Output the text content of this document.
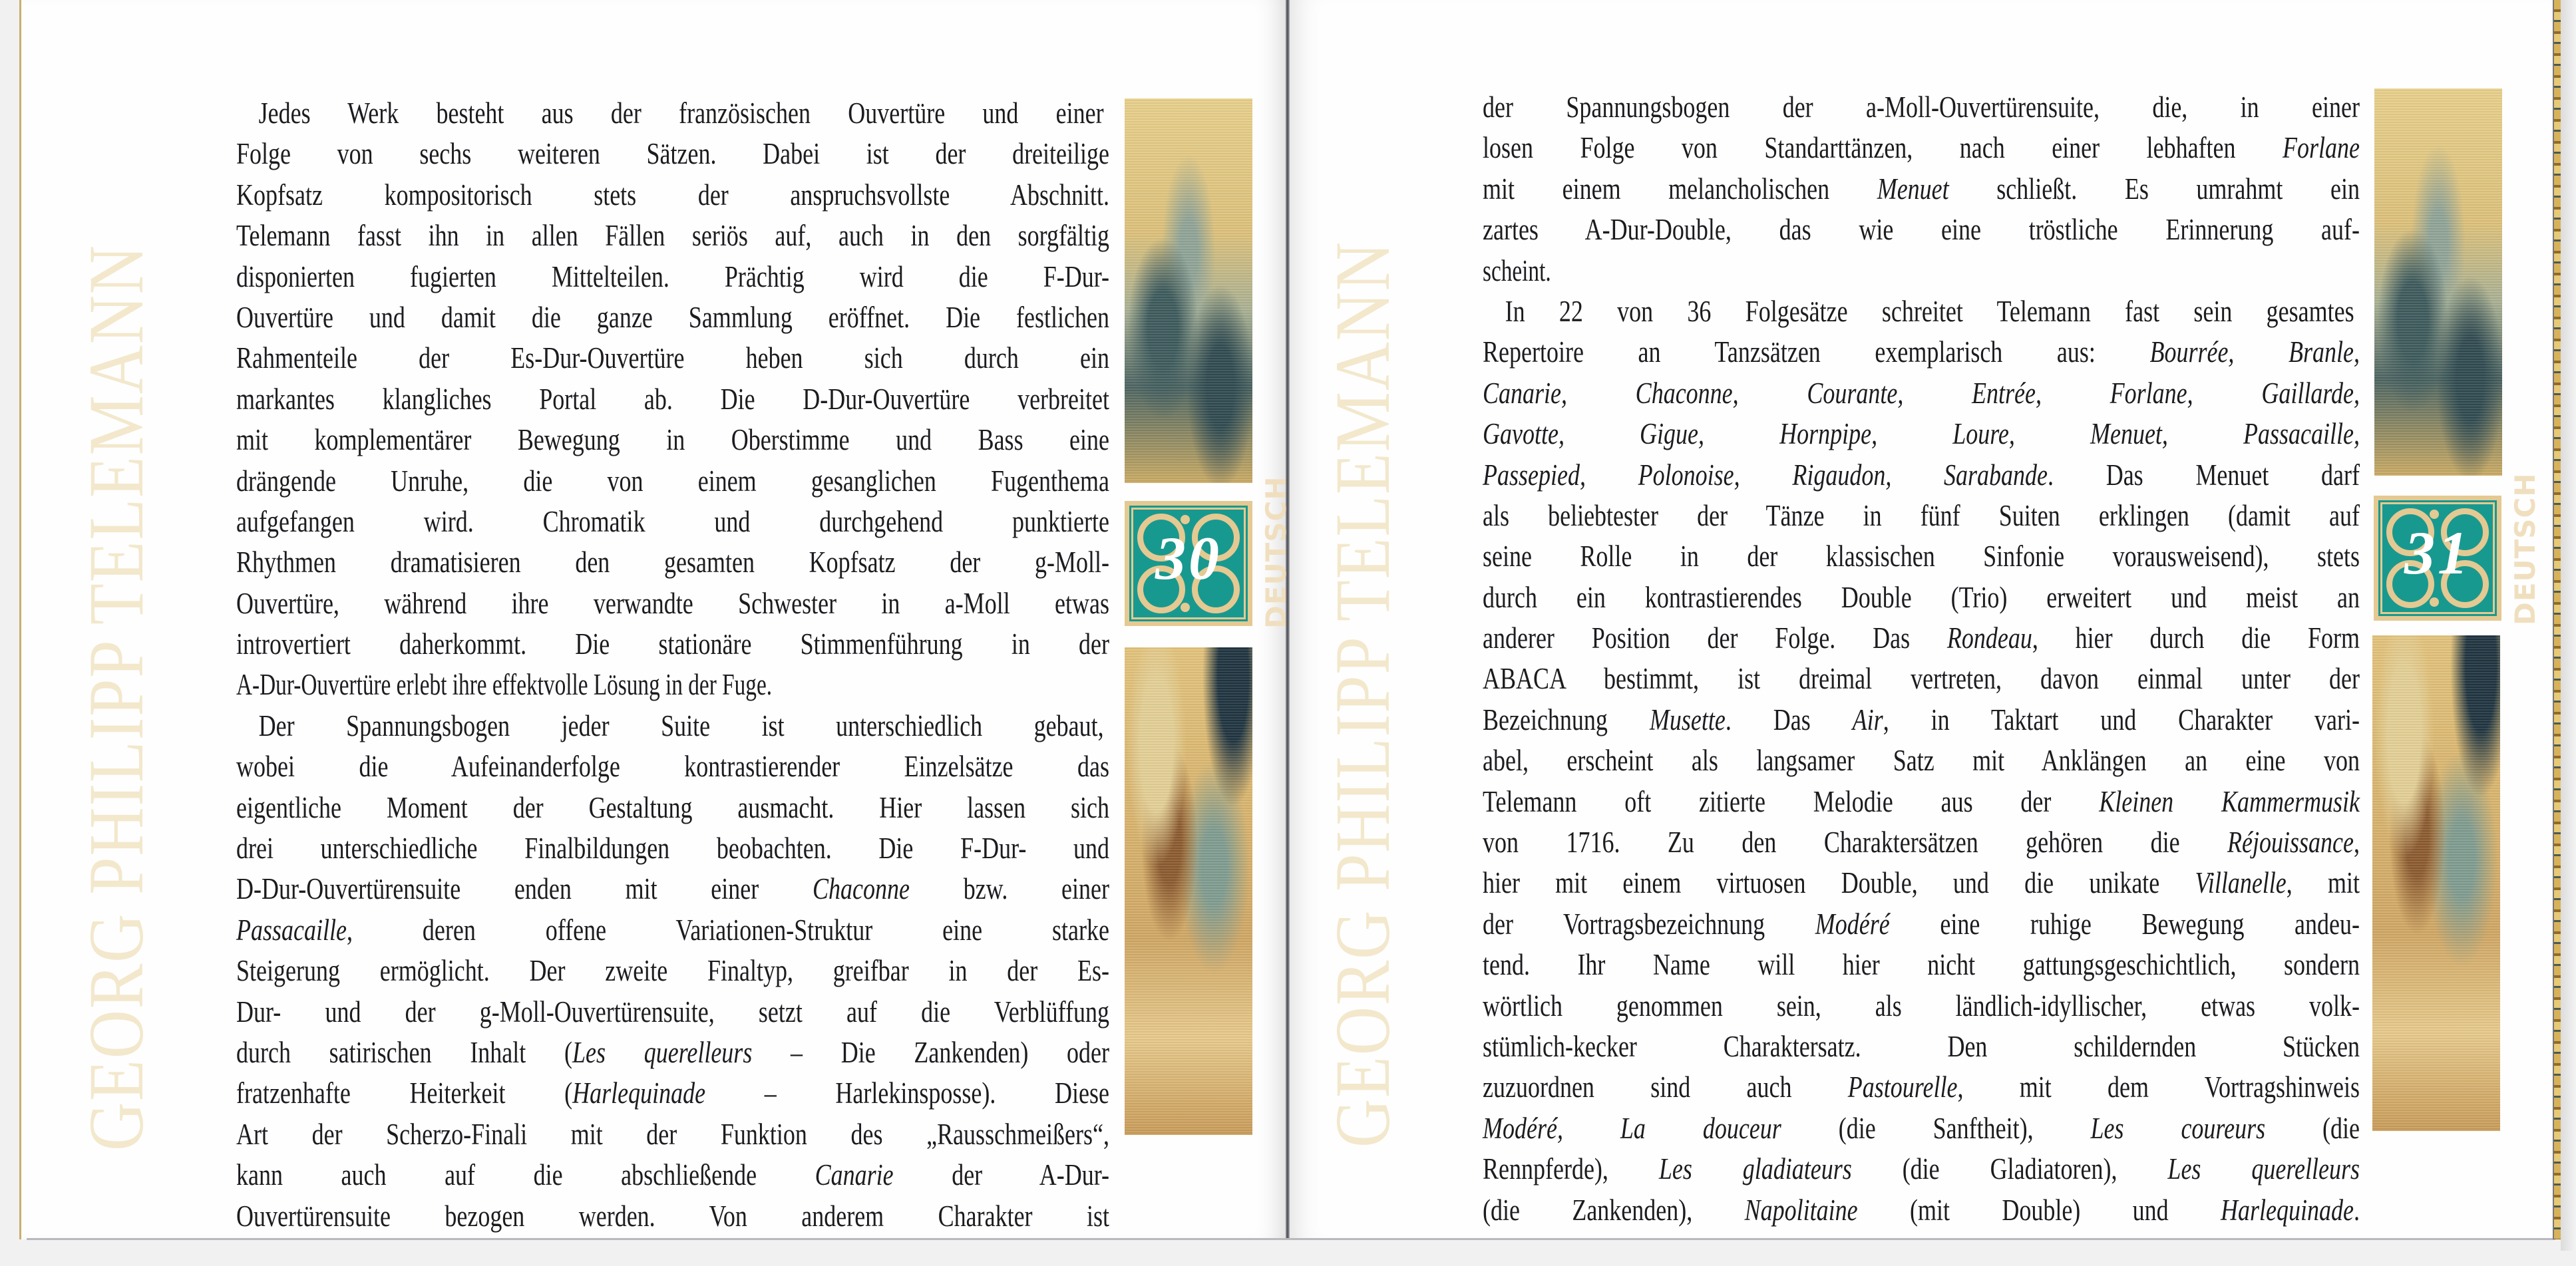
GEORG PHILIPP TELEMANN	GEORG PHILIPP TELEMANN
Jedes Werk besteht aus der französischen Ouvertüre und einer
Folge von sechs weiteren Sätzen. Dabei ist der dreiteilige
Kopfsatz kompositorisch stets der anspruchsvollste Abschnitt.
Telemann fasst ihn in allen Fällen seriös auf, auch in den sorgfältig
disponierten fugierten Mittelteilen. Prächtig wird die F-Dur-
Ouvertüre und damit die ganze Sammlung eröffnet. Die festlichen
Rahmenteile der Es-Dur-Ouvertüre heben sich durch ein
markantes klangliches Portal ab. Die D-Dur-Ouvertüre verbreitet
mit komplementärer Bewegung in Oberstimme und Bass eine
drängende Unruhe, die von einem gesanglichen Fugenthema
aufgefangen wird. Chromatik und durchgehend punktierte
Rhythmen dramatisieren den gesamten Kopfsatz der g-Moll-
Ouvertüre, während ihre verwandte Schwester in a-Moll etwas
introvertiert daherkommt. Die stationäre Stimmenführung in der
A-Dur-Ouvertüre erlebt ihre effektvolle Lösung in der Fuge.
Der Spannungsbogen jeder Suite ist unterschiedlich gebaut,
wobei die Aufeinanderfolge kontrastierender Einzelsätze das
eigentliche Moment der Gestaltung ausmacht. Hier lassen sich
drei unterschiedliche Finalbildungen beobachten. Die F-Dur- und
D-Dur-Ouvertürensuite enden mit einer Chaconne bzw. einer
Passacaille, deren offene Variationen-Struktur eine starke
Steigerung ermöglicht. Der zweite Finaltyp, greifbar in der Es-
Dur- und der g-Moll-Ouvertürensuite, setzt auf die Verblüffung
durch satirischen Inhalt (Les querelleurs – Die Zankenden) oder
fratzenhafte Heiterkeit (Harlequinade – Harlekinsposse). Diese
Art der Scherzo-Finali mit der Funktion des „Rausschmeißers“,
kann auch auf die abschließende Canarie der A-Dur-
Ouvertürensuite bezogen werden. Von anderem Charakter ist
der Spannungsbogen der a-Moll-Ouvertürensuite, die, in einer
losen Folge von Standarttänzen, nach einer lebhaften Forlane
mit einem melancholischen Menuet schließt. Es umrahmt ein
zartes A-Dur-Double, das wie eine tröstliche Erinnerung auf-
scheint.
In 22 von 36 Folgesätze schreitet Telemann fast sein gesamtes
Repertoire an Tanzsätzen exemplarisch aus: Bourrée, Branle,
Canarie, Chaconne, Courante, Entrée, Forlane, Gaillarde,
Gavotte, Gigue, Hornpipe, Loure, Menuet, Passacaille,
Passepied, Polonoise, Rigaudon, Sarabande. Das Menuet darf
als beliebtester der Tänze in fünf Suiten erklingen (damit auf
seine Rolle in der klassischen Sinfonie vorausweisend), stets
durch ein kontrastierendes Double (Trio) erweitert und meist an
anderer Position der Folge. Das Rondeau, hier durch die Form
ABACA bestimmt, ist dreimal vertreten, davon einmal unter der
Bezeichnung Musette. Das Air, in Taktart und Charakter vari-
abel, erscheint als langsamer Satz mit Anklängen an eine von
Telemann oft zitierte Melodie aus der Kleinen Kammermusik
von 1716. Zu den Charaktersätzen gehören die Réjouissance,
hier mit einem virtuosen Double, und die unikate Villanelle, mit
der Vortragsbezeichnung Modéré eine ruhige Bewegung andeu-
tend. Ihr Name will hier nicht gattungsgeschichtlich, sondern
wörtlich genommen sein, als ländlich-idyllischer, etwas volk-
stümlich-kecker Charaktersatz. Den schildernden Stücken
zuzuordnen sind auch Pastourelle, mit dem Vortragshinweis
Modéré, La douceur (die Sanftheit), Les coureurs (die
Rennpferde), Les gladiateurs (die Gladiatoren), Les querelleurs
(die Zankenden), Napolitaine (mit Double) und Harlequinade.
30	DEUTSCH	31	DEUTSCH
